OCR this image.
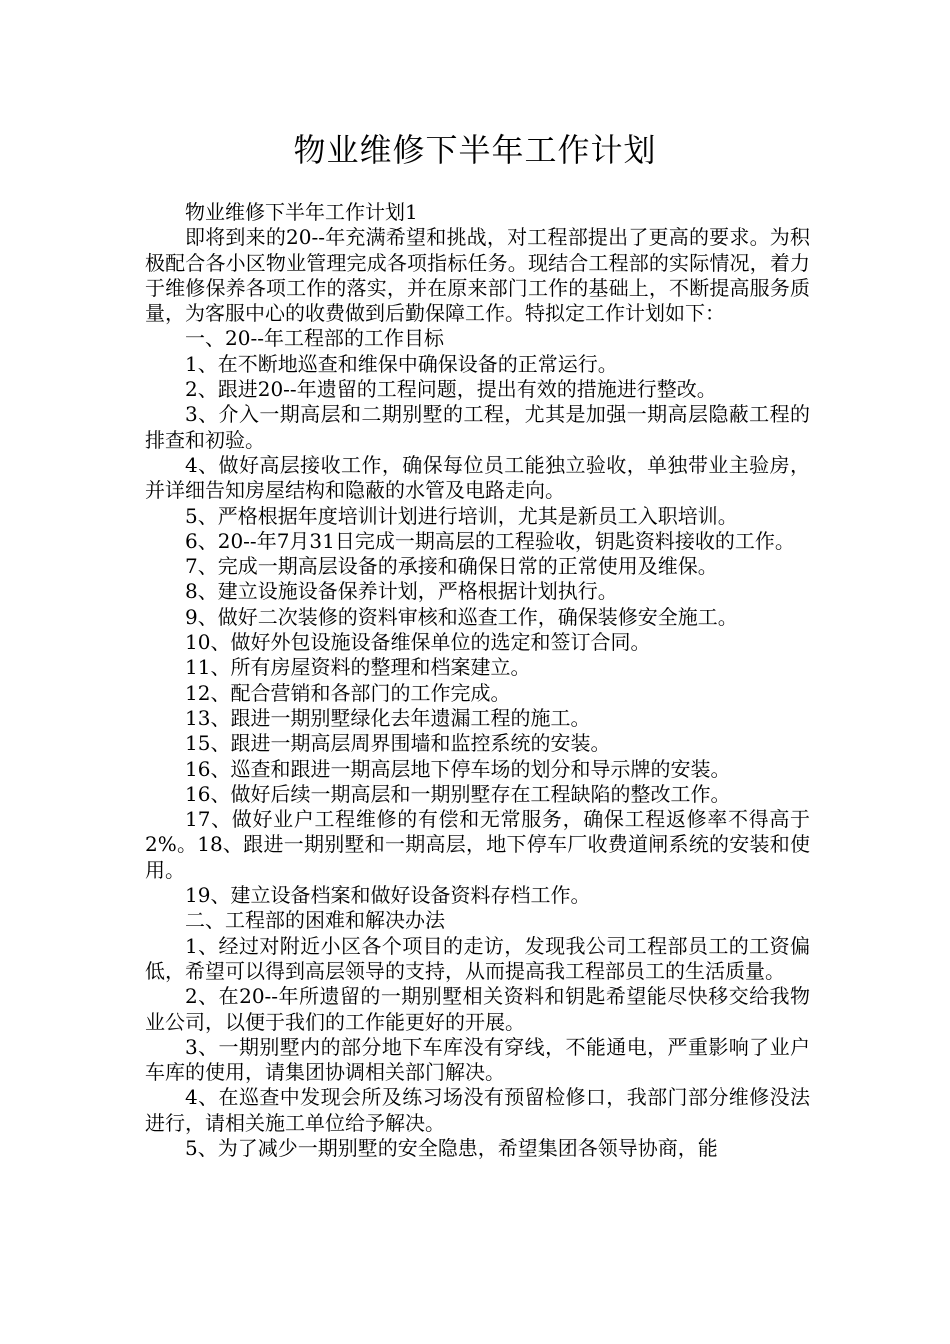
物业维修下半年工作计划

物业维修下半年工作计划1

即将到来的20--年充满希望和挑战，对工程部提出了更高的要求。为积极配合各小区物业管理完成各项指标任务。现结合工程部的实际情况，着力于维修保养各项工作的落实，并在原来部门工作的基础上，不断提高服务质量，为客服中心的收费做到后勤保障工作。特拟定工作计划如下：

一、20--年工程部的工作目标

1、在不断地巡查和维保中确保设备的正常运行。

2、跟进20--年遗留的工程问题，提出有效的措施进行整改。

3、介入一期高层和二期别墅的工程，尤其是加强一期高层隐蔽工程的排查和初验。

4、做好高层接收工作，确保每位员工能独立验收，单独带业主验房，并详细告知房屋结构和隐蔽的水管及电路走向。

5、严格根据年度培训计划进行培训，尤其是新员工入职培训。

6、20--年7月31日完成一期高层的工程验收，钥匙资料接收的工作。

7、完成一期高层设备的承接和确保日常的正常使用及维保。

8、建立设施设备保养计划，严格根据计划执行。

9、做好二次装修的资料审核和巡查工作，确保装修安全施工。

10、做好外包设施设备维保单位的选定和签订合同。

11、所有房屋资料的整理和档案建立。

12、配合营销和各部门的工作完成。

13、跟进一期别墅绿化去年遗漏工程的施工。

15、跟进一期高层周界围墙和监控系统的安装。

16、巡查和跟进一期高层地下停车场的划分和导示牌的安装。

16、做好后续一期高层和一期别墅存在工程缺陷的整改工作。

17、做好业户工程维修的有偿和无常服务，确保工程返修率不得高于2%。18、跟进一期别墅和一期高层，地下停车厂收费道闸系统的安装和使用。

19、建立设备档案和做好设备资料存档工作。

二、工程部的困难和解决办法

1、经过对附近小区各个项目的走访，发现我公司工程部员工的工资偏低，希望可以得到高层领导的支持，从而提高我工程部员工的生活质量。

2、在20--年所遗留的一期别墅相关资料和钥匙希望能尽快移交给我物业公司，以便于我们的工作能更好的开展。

3、一期别墅内的部分地下车库没有穿线，不能通电，严重影响了业户车库的使用，请集团协调相关部门解决。

4、在巡查中发现会所及练习场没有预留检修口，我部门部分维修没法进行，请相关施工单位给予解决。

5、为了减少一期别墅的安全隐患，希望集团各领导协商，能
